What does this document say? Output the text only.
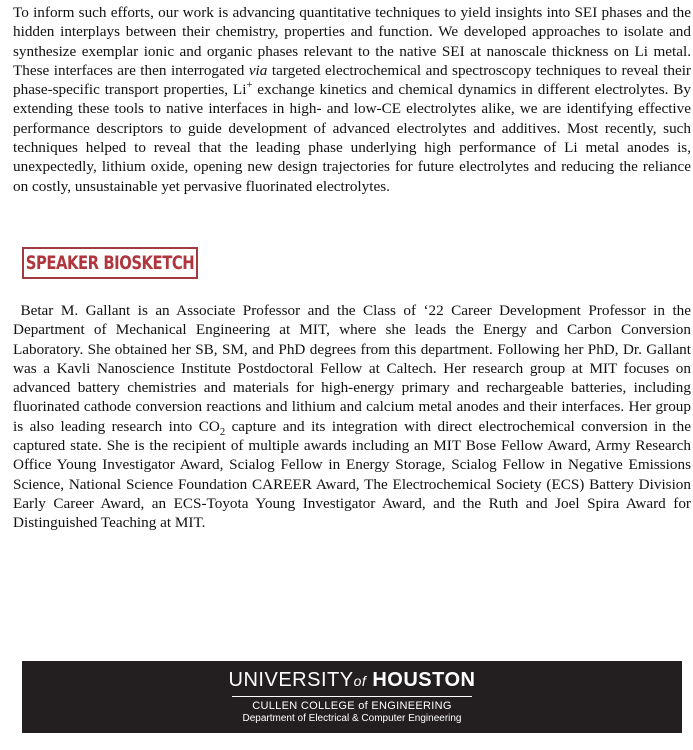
To inform such efforts, our work is advancing quantitative techniques to yield insights into SEI phases and the hidden interplays between their chemistry, properties and function. We developed approaches to isolate and synthesize exemplar ionic and organic phases relevant to the native SEI at nanoscale thickness on Li metal. These interfaces are then interrogated via targeted electrochemical and spectroscopy techniques to reveal their phase-specific transport properties, Li+ exchange kinetics and chemical dynamics in different electrolytes. By extending these tools to native interfaces in high- and low-CE electrolytes alike, we are identifying effective performance descriptors to guide development of advanced electrolytes and additives. Most recently, such techniques helped to reveal that the leading phase underlying high performance of Li metal anodes is, unexpectedly, lithium oxide, opening new design trajectories for future electrolytes and reducing the reliance on costly, unsustainable yet pervasive fluorinated electrolytes.

SPEAKER BIOSKETCH

Betar M. Gallant is an Associate Professor and the Class of ‘22 Career Development Professor in the Department of Mechanical Engineering at MIT, where she leads the Energy and Carbon Conversion Laboratory. She obtained her SB, SM, and PhD degrees from this department. Following her PhD, Dr. Gallant was a Kavli Nanoscience Institute Postdoctoral Fellow at Caltech. Her research group at MIT focuses on advanced battery chemistries and materials for high-energy primary and rechargeable batteries, including fluorinated cathode conversion reactions and lithium and calcium metal anodes and their interfaces. Her group is also leading research into $CO_2$ capture and its integration with direct electrochemical conversion in the captured state. She is the recipient of multiple awards including an MIT Bose Fellow Award, Army Research Office Young Investigator Award, Scialog Fellow in Energy Storage, Scialog Fellow in Negative Emissions Science, National Science Foundation CAREER Award, The Electrochemical Society (ECS) Battery Division Early Career Award, an ECS-Toyota Young Investigator Award, and the Ruth and Joel Spira Award for Distinguished Teaching at MIT.

UNIVERSITYof HOUSTON
CULLEN COLLEGE of ENGINEERING
Department of Electrical & Computer Engineering
